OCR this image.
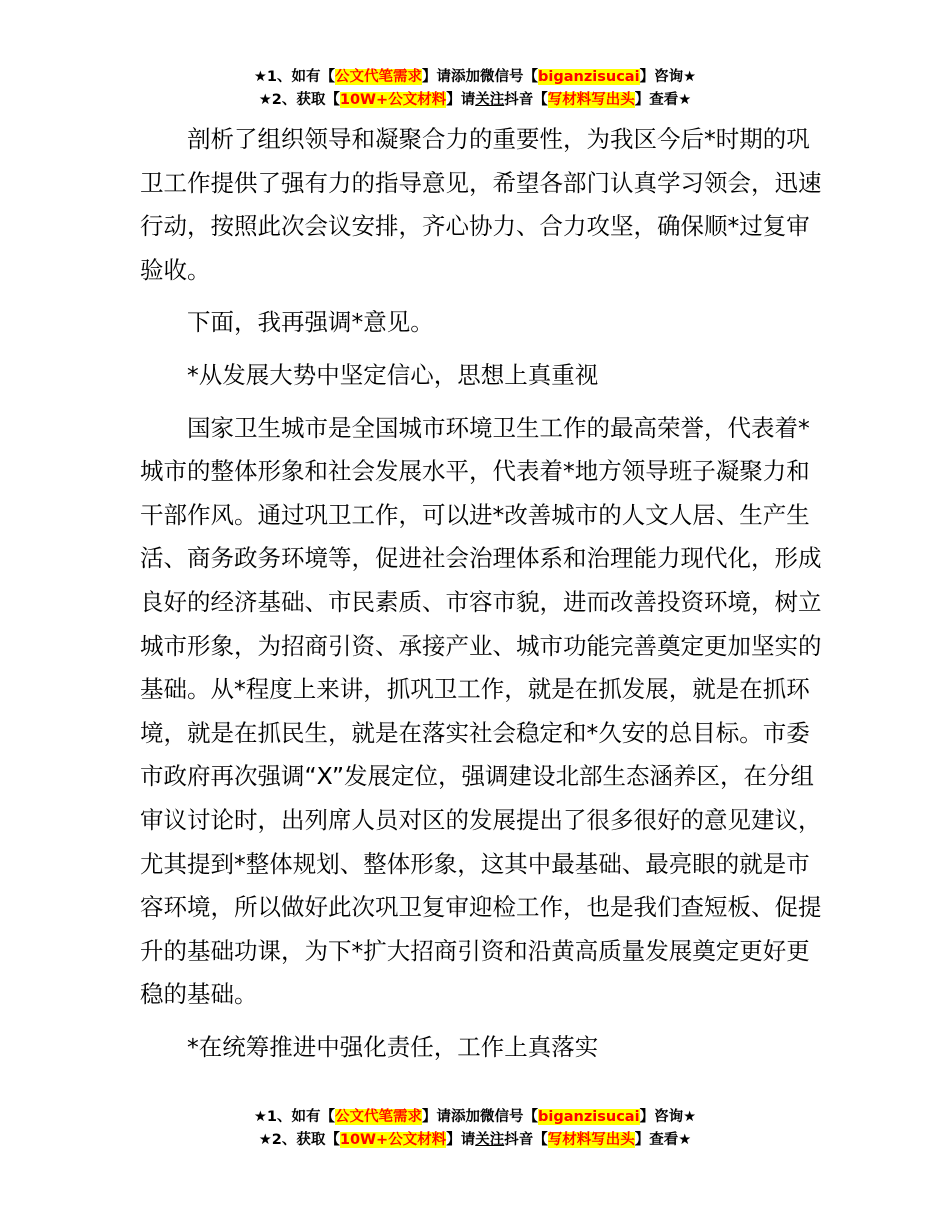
★1、如有【公文代笔需求】请添加微信号【biganzisucai】咨询★
★2、获取【10W+公文材料】请关注抖音【写材料写出头】查看★

剖析了组织领导和凝聚合力的重要性，为我区今后*时期的巩卫工作提供了强有力的指导意见，希望各部门认真学习领会，迅速行动，按照此次会议安排，齐心协力、合力攻坚，确保顺*过复审验收。

下面，我再强调*意见。

*从发展大势中坚定信心，思想上真重视

国家卫生城市是全国城市环境卫生工作的最高荣誉，代表着*城市的整体形象和社会发展水平，代表着*地方领导班子凝聚力和干部作风。通过巩卫工作，可以进*改善城市的人文人居、生产生活、商务政务环境等，促进社会治理体系和治理能力现代化，形成良好的经济基础、市民素质、市容市貌，进而改善投资环境，树立城市形象，为招商引资、承接产业、城市功能完善奠定更加坚实的基础。从*程度上来讲，抓巩卫工作，就是在抓发展，就是在抓环境，就是在抓民生，就是在落实社会稳定和*久安的总目标。市委市政府再次强调“X”发展定位，强调建设北部生态涵养区，在分组审议讨论时，出列席人员对区的发展提出了很多很好的意见建议，尤其提到*整体规划、整体形象，这其中最基础、最亮眼的就是市容环境，所以做好此次巩卫复审迎检工作，也是我们查短板、促提升的基础功课，为下*扩大招商引资和沿黄高质量发展奠定更好更稳的基础。

*在统筹推进中强化责任，工作上真落实

★1、如有【公文代笔需求】请添加微信号【biganzisucai】咨询★
★2、获取【10W+公文材料】请关注抖音【写材料写出头】查看★
